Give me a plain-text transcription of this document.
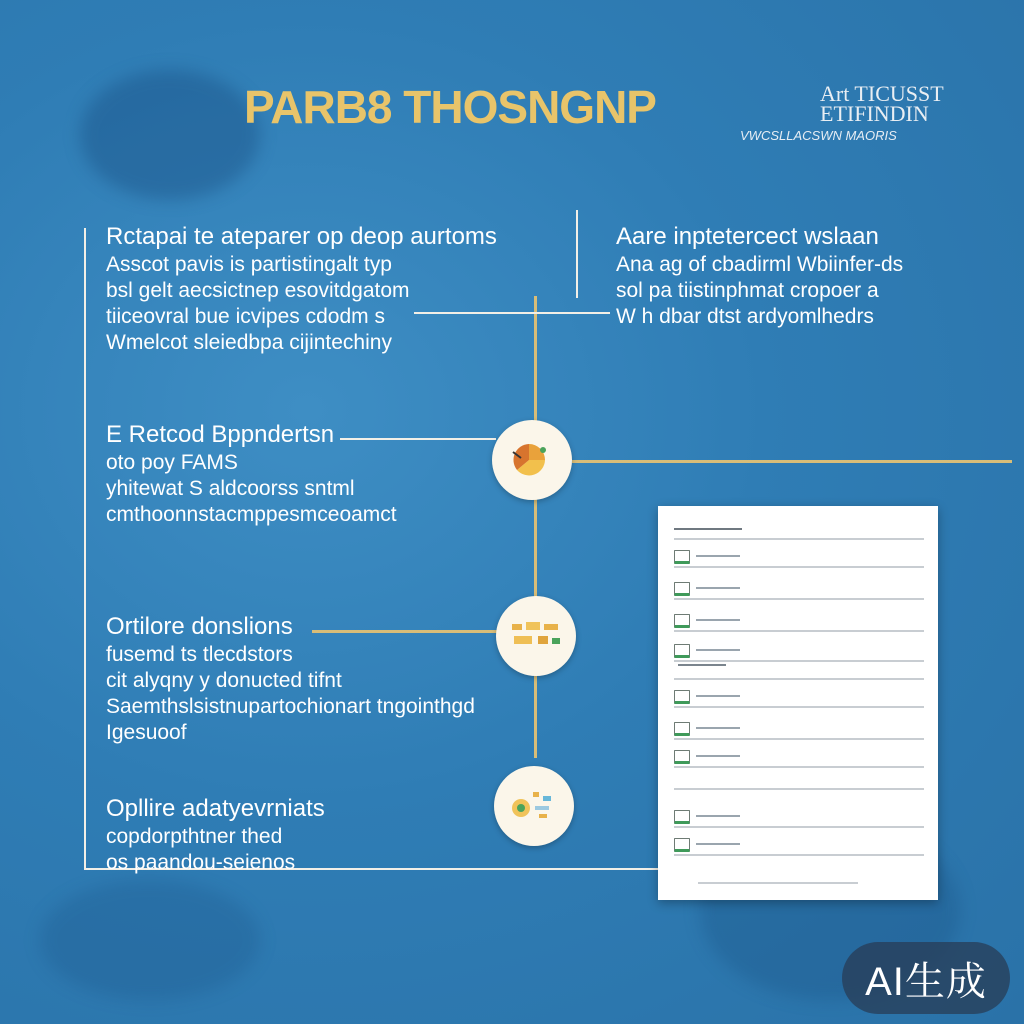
PARB8 THOSNGNP	Art TICUSST
ETIFINDIN
VWCSLLACSWN MAORIS
Rctapai te ateparer op deop aurtoms
Asscot pavis is partistingalt typ
bsl gelt aecsictnep esovitdgatom
tiiceovral bue icvipes cdodm s
Wmelcot sleiedbpa cijintechiny
E Retcod Bppndertsn
oto poy FAMS
yhitewat S aldcoorss sntml
cmthoonnstacmppesmceoamct
Ortilore donslions
fusemd ts tlecdstors
cit alyqny y donucted tifnt
Saemthslsistnupartochionart tngointhgd
Igesuoof
Opllire adatyevrniats
copdorpthtner thed
os paandou-seienos
Aare inptetercect wslaan
Ana ag of cbadirml Wbiinfer-ds
sol pa tiistinphmat cropoer a
W h dbar dtst ardyomlhedrs
AI生成
